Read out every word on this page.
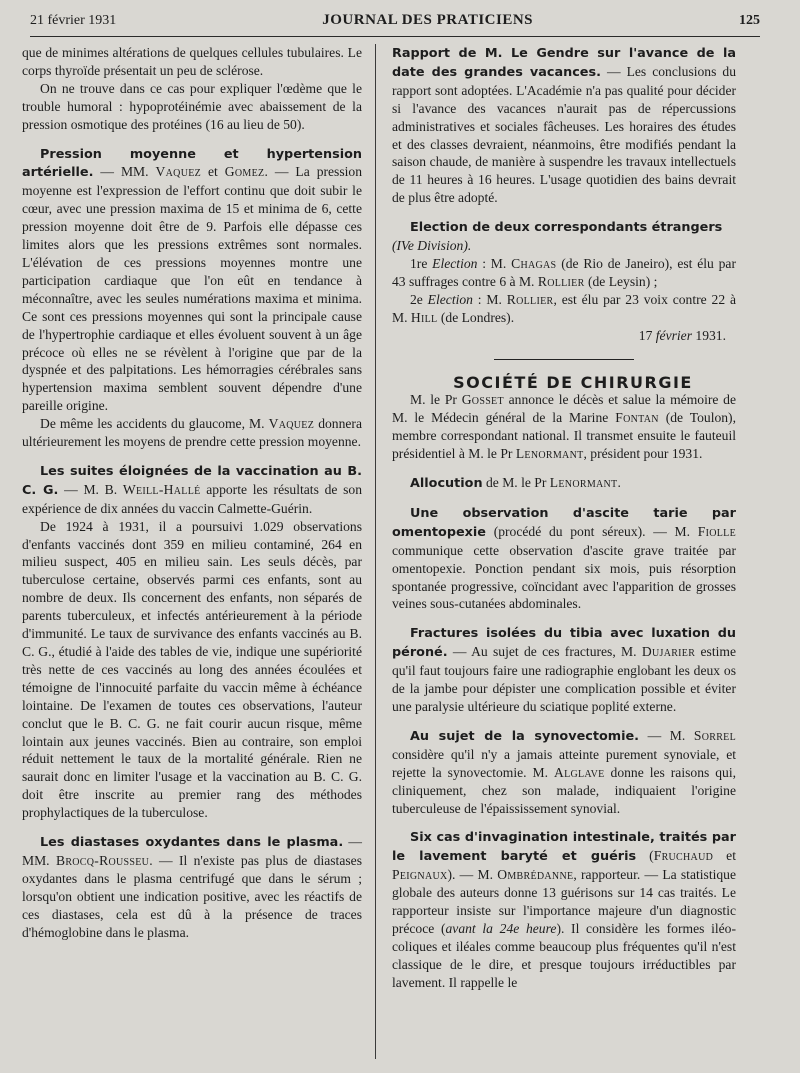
21 février 1931	JOURNAL DES PRATICIENS	125

que de minimes altérations de quelques cellules tubulaires. Le corps thyroïde présentait un peu de sclérose.

On ne trouve dans ce cas pour expliquer l'œdème que le trouble humoral : hypoprotéinémie avec abaissement de la pression osmotique des protéines (16 au lieu de 50).

Pression moyenne et hypertension artérielle. — MM. Vaquez et Gomez. — La pression moyenne est l'expression de l'effort continu que doit subir le cœur, avec une pression maxima de 15 et minima de 6, cette pression moyenne doit être de 9. Parfois elle dépasse ces limites alors que les pressions extrêmes sont normales. L'élévation de ces pressions moyennes montre une participation cardiaque que l'on eût en tendance à méconnaître, avec les seules numérations maxima et minima. Ce sont ces pressions moyennes qui sont la principale cause de l'hypertrophie cardiaque et elles évoluent souvent à un âge précoce où elles ne se révèlent à l'origine que par de la dyspnée et des palpitations. Les hémorragies cérébrales sans hypertension maxima semblent souvent dépendre d'une pareille origine.

De même les accidents du glaucome, M. Vaquez donnera ultérieurement les moyens de prendre cette pression moyenne.

Les suites éloignées de la vaccination au B. C. G. — M. B. Weill-Hallé apporte les résultats de son expérience de dix années du vaccin Calmette-Guérin.

De 1924 à 1931, il a poursuivi 1.029 observations d'enfants vaccinés dont 359 en milieu contaminé, 264 en milieu suspect, 405 en milieu sain. Les seuls décès, par tuberculose certaine, observés parmi ces enfants, sont au nombre de deux. Ils concernent des enfants, non séparés de parents tuberculeux, et infectés antérieurement à la période d'immunité. Le taux de survivance des enfants vaccinés au B. C. G., étudié à l'aide des tables de vie, indique une supériorité très nette de ces vaccinés au long des années écoulées et témoigne de l'innocuité parfaite du vaccin même à échéance lointaine. De l'examen de toutes ces observations, l'auteur conclut que le B. C. G. ne fait courir aucun risque, même lointain aux jeunes vaccinés. Bien au contraire, son emploi réduit nettement le taux de la mortalité générale. Rien ne saurait donc en limiter l'usage et la vaccination au B. C. G. doit être inscrite au premier rang des méthodes prophylactiques de la tuberculose.

Les diastases oxydantes dans le plasma. — MM. Brocq-Rousseu. — Il n'existe pas plus de diastases oxydantes dans le plasma centrifugé que dans le sérum ; lorsqu'on obtient une indication positive, avec les réactifs de ces diastases, cela est dû à la présence de traces d'hémoglobine dans le plasma.

Rapport de M. Le Gendre sur l'avance de la date des grandes vacances. — Les conclusions du rapport sont adoptées. L'Académie n'a pas qualité pour décider si l'avance des vacances n'aurait pas de répercussions administratives et sociales fâcheuses. Les horaires des études et des classes devraient, néanmoins, être modifiés pendant la saison chaude, de manière à suspendre les travaux intellectuels de 11 heures à 16 heures. L'usage quotidien des bains devrait de plus être adopté.

Election de deux correspondants étrangers
(IVe Division).

1re Election : M. Chagas (de Rio de Janeiro), est élu par 43 suffrages contre 6 à M. Rollier (de Leysin) ;

2e Election : M. Rollier, est élu par 23 voix contre 22 à M. Hill (de Londres).

17 février 1931.

SOCIÉTÉ DE CHIRURGIE

M. le Pr Gosset annonce le décès et salue la mémoire de M. le Médecin général de la Marine Fontan (de Toulon), membre correspondant national. Il transmet ensuite le fauteuil présidentiel à M. le Pr Lenormant, président pour 1931.

Allocution de M. le Pr Lenormant.

Une observation d'ascite tarie par omentopexie (procédé du pont séreux). — M. Fiolle communique cette observation d'ascite grave traitée par omentopexie. Ponction pendant six mois, puis résorption spontanée progressive, coïncidant avec l'apparition de grosses veines sous-cutanées abdominales.

Fractures isolées du tibia avec luxation du péroné. — Au sujet de ces fractures, M. Dujarier estime qu'il faut toujours faire une radiographie englobant les deux os de la jambe pour dépister une complication possible et éviter une paralysie ultérieure du sciatique poplité externe.

Au sujet de la synovectomie. — M. Sorrel considère qu'il n'y a jamais atteinte purement synoviale, et rejette la synovectomie. M. Alglave donne les raisons qui, cliniquement, chez son malade, indiquaient l'origine tuberculeuse de l'épaississement synovial.

Six cas d'invagination intestinale, traités par le lavement baryté et guéris (Fruchaud et Peignaux). — M. Ombrédanne, rapporteur. — La statistique globale des auteurs donne 13 guérisons sur 14 cas traités. Le rapporteur insiste sur l'importance majeure d'un diagnostic précoce (avant la 24e heure). Il considère les formes iléo-coliques et iléales comme beaucoup plus fréquentes qu'il n'est classique de le dire, et presque toujours irréductibles par lavement. Il rappelle le
